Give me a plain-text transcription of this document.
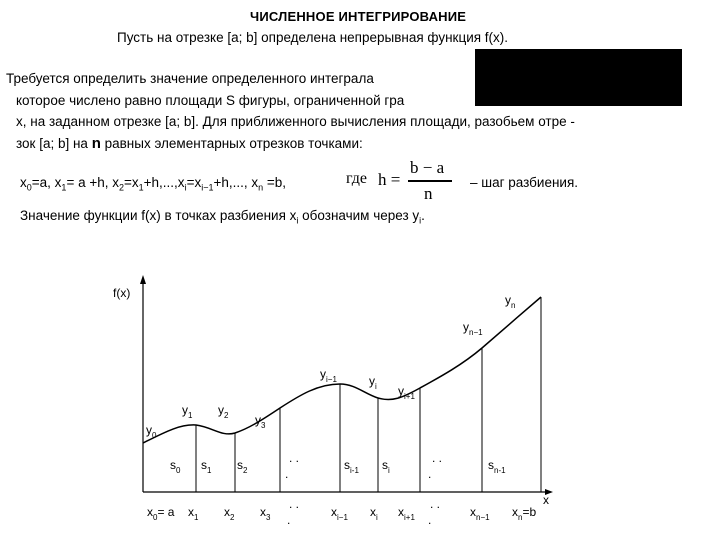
ЧИСЛЕННОЕ ИНТЕГРИРОВАНИЕ
Пусть на отрезке [a; b] определена непрерывная функция f(x).
Требуется определить значение определенного интеграла
которое числено равно площади S фигуры, ограниченной гра
x, на заданном отрезке [a; b]. Для приближенного вычисления площади, разобьем отре -
зок [a; b] на n равных элементарных отрезков точками:
$x_0=a$, $x_1= a +h$, $x_2=x_1+h,...,x_i=x_{i-1}+h$,..., $x_n =b$,	где h =
b − a
n
– шаг разбиения.
Значение функции f(x) в точках разбиения $x_i$ обозначим через $y_i$.
f(x)
x
$y_0$
$y_1$ $y_2$ $y_3$
$y_{i-1}$	$y_i$ $y_{i+1}$
$y_{n-1}$
$y_n$
$s_0$ $s_1$ $s_2$	$s_{i-1}$ $s_i$	$s_{n-1}$
$x_0= a$ $x_1$ $x_2$ $x_3$	$x_{i-1}$ $x_i$ $x_{i+1}$	$x_{n-1}$ $x_n=b$
. .
.
. .
.
. .
.
. .
.
